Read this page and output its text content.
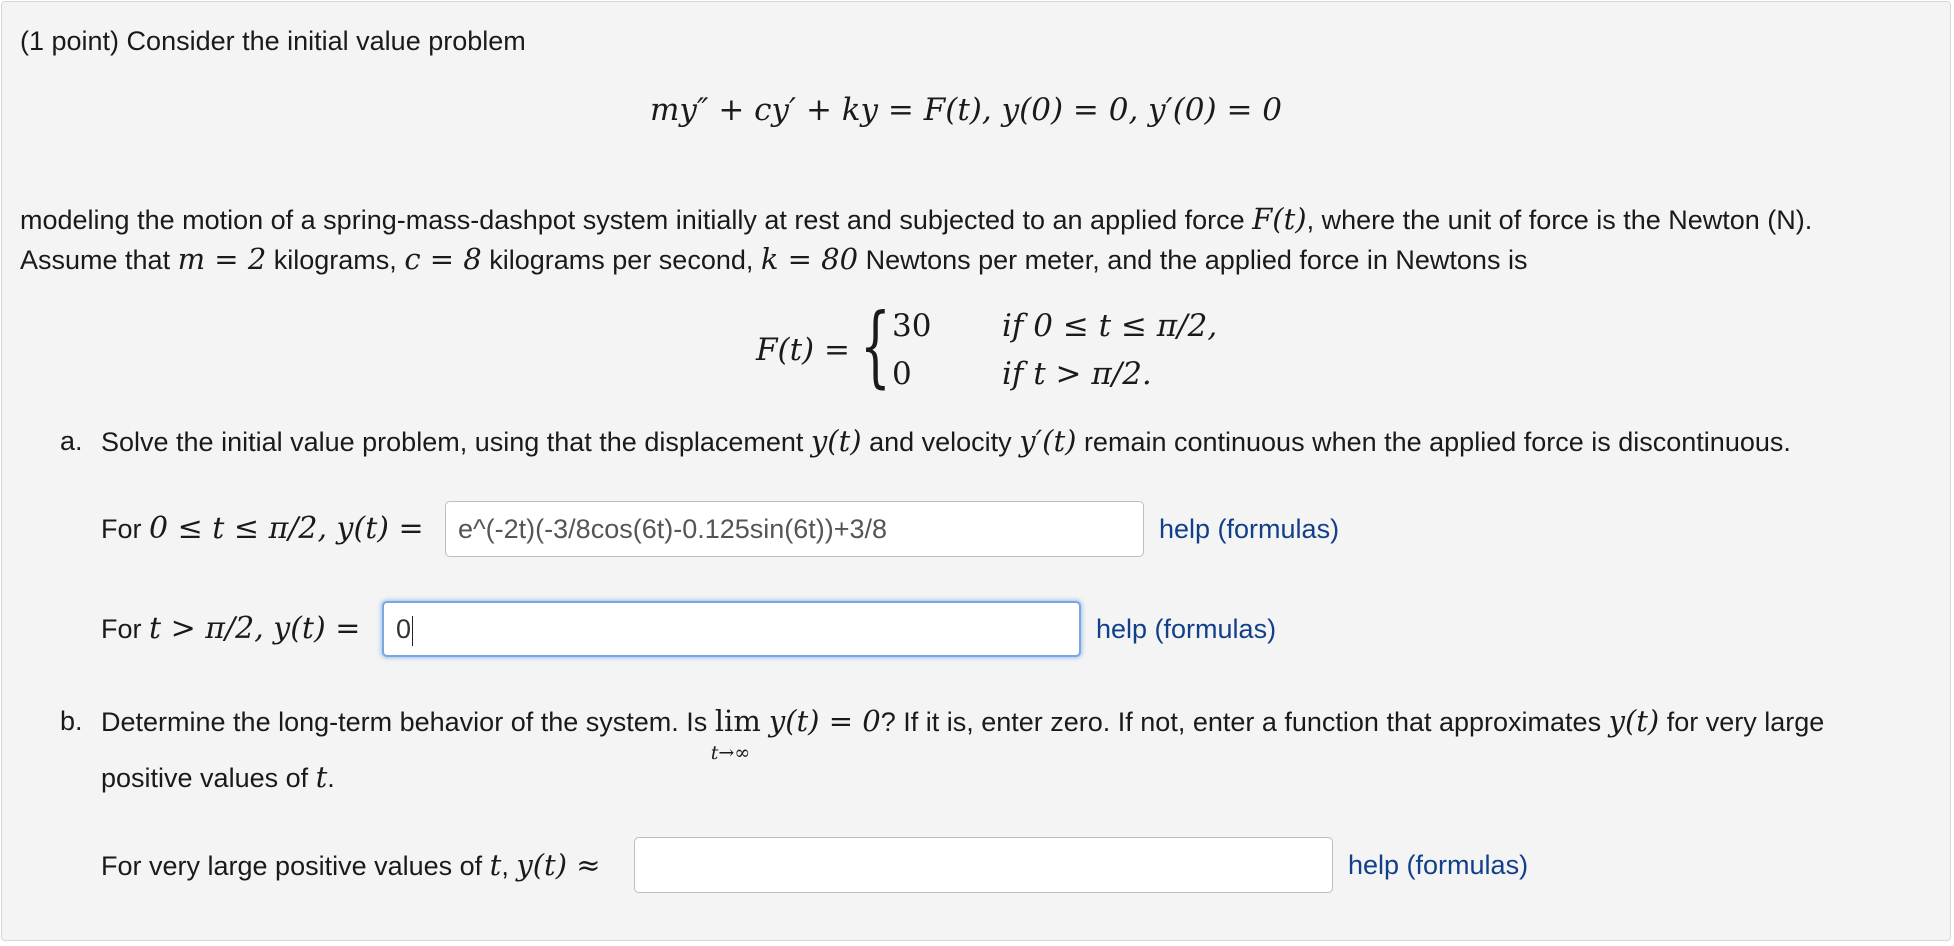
(1 point) Consider the initial value problem
my″ + cy′ + ky = F(t), y(0) = 0, y′(0) = 0
modeling the motion of a spring-mass-dashpot system initially at rest and subjected to an applied force F(t), where the unit of force is the Newton (N).
Assume that m = 2 kilograms, c = 8 kilograms per second, k = 80 Newtons per meter, and the applied force in Newtons is
F(t) = { 30 if 0 ≤ t ≤ π/2,
0	if t > π/2.
a. Solve the initial value problem, using that the displacement y(t) and velocity y′(t) remain continuous when the applied force is discontinuous.
For 0 ≤ t ≤ π/2, y(t) =	e^(-2t)(-3/8cos(6t)-0.125sin(6t))+3/8	help (formulas)
For t > π/2, y(t) =	0	help (formulas)
b. Determine the long-term behavior of the system. Is lim
t→∞
y(t) = 0? If it is, enter zero. If not, enter a function that approximates y(t) for very large
positive values of t.
For very large positive values of t, y(t) ≈	help (formulas)
